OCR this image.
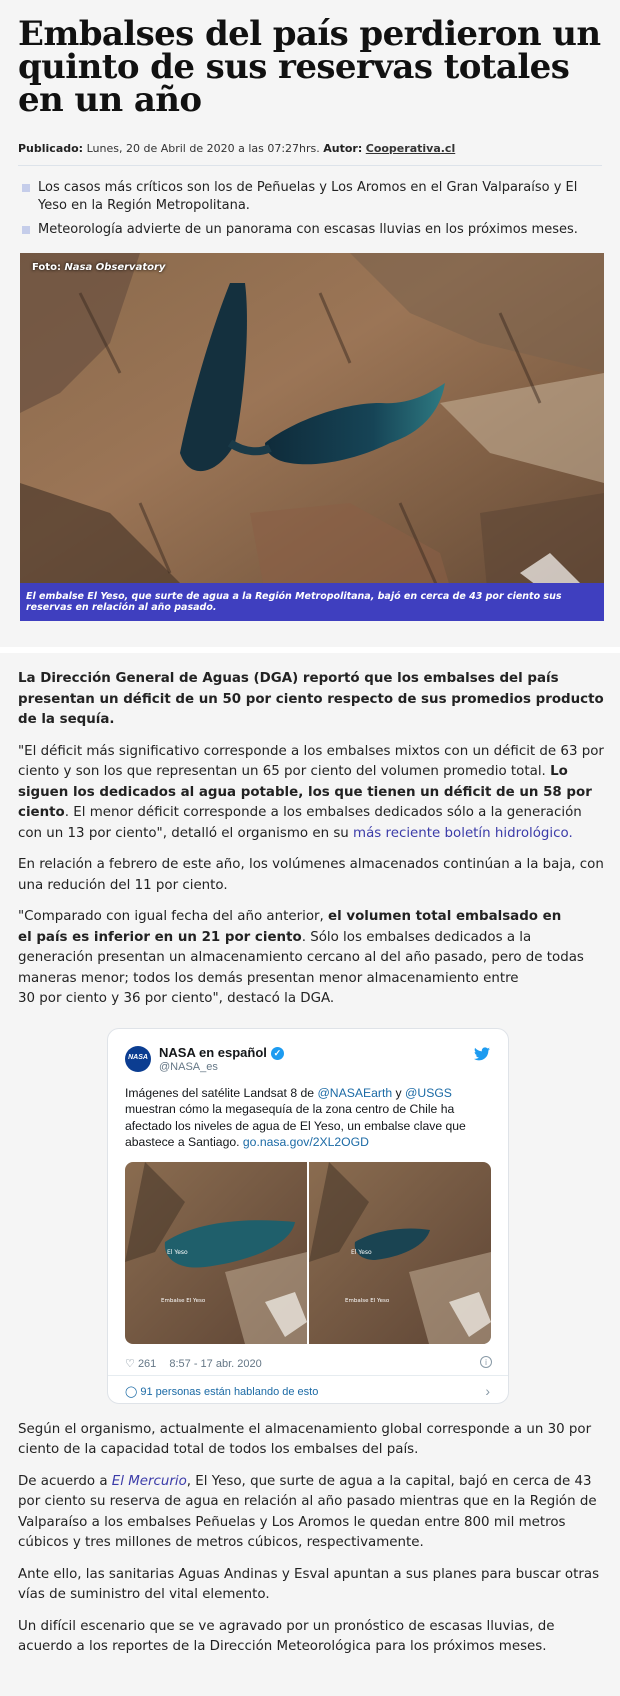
Embalses del país perdieron un quinto de sus reservas totales en un año
Publicado: Lunes, 20 de Abril de 2020 a las 07:27hrs. Autor: Cooperativa.cl
Los casos más críticos son los de Peñuelas y Los Aromos en el Gran Valparaíso y El Yeso en la Región Metropolitana.
Meteorología advierte de un panorama con escasas lluvias en los próximos meses.
Foto: Nasa Observatory
El embalse El Yeso, que surte de agua a la Región Metropolitana, bajó en cerca de 43 por ciento sus reservas en relación al año pasado.

La Dirección General de Aguas (DGA) reportó que los embalses del país presentan un déficit de un 50 por ciento respecto de sus promedios producto de la sequía.

"El déficit más significativo corresponde a los embalses mixtos con un déficit de 63 por ciento y son los que representan un 65 por ciento del volumen promedio total. Lo siguen los dedicados al agua potable, los que tienen un déficit de un 58 por ciento. El menor déficit corresponde a los embalses dedicados sólo a la generación con un 13 por ciento", detalló el organismo en su más reciente boletín hidrológico.

En relación a febrero de este año, los volúmenes almacenados continúan a la baja, con una redución del 11 por ciento.

"Comparado con igual fecha del año anterior, el volumen total embalsado en
el país es inferior en un 21 por ciento. Sólo los embalses dedicados a la generación presentan un almacenamiento cercano al del año pasado, pero de todas
maneras menor; todos los demás presentan menor almacenamiento entre
30 por ciento y 36 por ciento", destacó la DGA.

NASA NASA en español ✓
@NASA_es
Imágenes del satélite Landsat 8 de @NASAEarth y @USGS
muestran cómo la megasequía de la zona centro de Chile ha afectado los niveles de agua de El Yeso, un embalse clave que abastece a Santiago. go.nasa.gov/2XL2OGD
El Yeso	El Yeso
Embalse El Yeso	Embalse El Yeso
♡ 261 8:57 - 17 abr. 2020	i
◯ 91 personas están hablando de esto	›

Según el organismo, actualmente el almacenamiento global corresponde a un 30 por ciento de la capacidad total de todos los embalses del país.

De acuerdo a El Mercurio, El Yeso, que surte de agua a la capital, bajó en cerca de 43 por ciento su reserva de agua en relación al año pasado mientras que en la Región de Valparaíso a los embalses Peñuelas y Los Aromos le quedan entre 800 mil metros cúbicos y tres millones de metros cúbicos, respectivamente.

Ante ello, las sanitarias Aguas Andinas y Esval apuntan a sus planes para buscar otras vías de suministro del vital elemento.

Un difícil escenario que se ve agravado por un pronóstico de escasas lluvias, de acuerdo a los reportes de la Dirección Meteorológica para los próximos meses.
